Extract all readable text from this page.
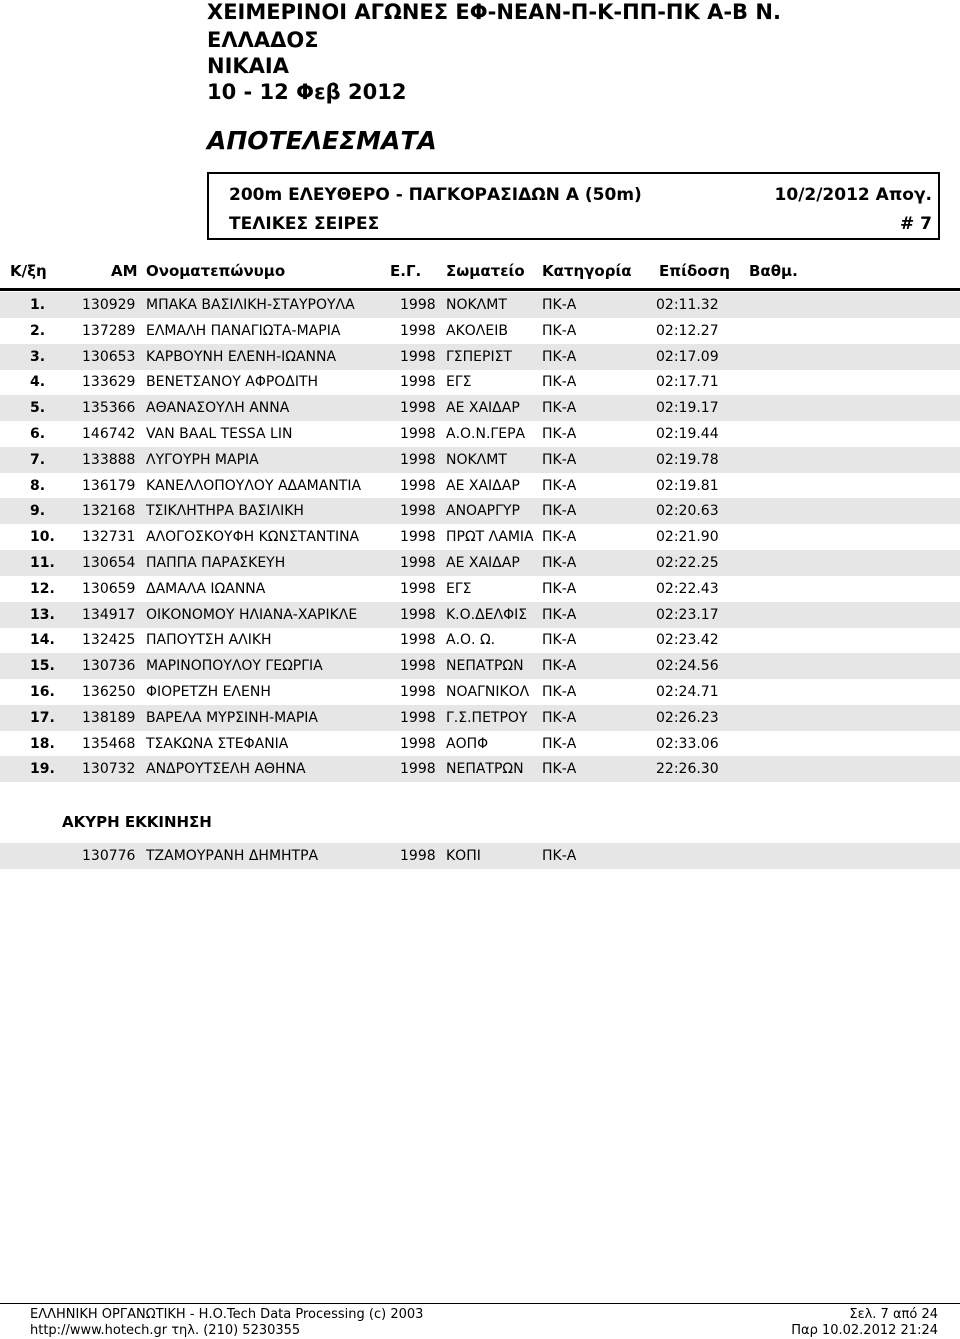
ΧΕΙΜΕΡΙΝΟΙ ΑΓΩΝΕΣ ΕΦ-ΝΕΑΝ-Π-Κ-ΠΠ-ΠΚ Α-Β Ν.
ΕΛΛΑΔΟΣ
ΝΙΚΑΙΑ
10 - 12 Φεβ 2012
ΑΠΟΤΕΛΕΣΜΑΤΑ
200m ΕΛΕΥΘΕΡΟ - ΠΑΓΚΟΡΑΣΙΔΩΝ Α (50m)	10/2/2012 Απογ.
ΤΕΛΙΚΕΣ ΣΕΙΡΕΣ	# 7
Κ/ξη	ΑΜ Ονοματεπώνυμο	Ε.Γ. Σωματείο Κατηγορία Επίδοση Βαθμ.
1.	130929 ΜΠΑΚΑ ΒΑΣΙΛΙΚΗ-ΣΤΑΥΡΟΥΛΑ	1998 ΝΟΚΛΜΤ	ΠΚ-Α	02:11.32
2.	137289 ΕΛΜΑΛΗ ΠΑΝΑΓΙΩΤΑ-ΜΑΡΙΑ	1998 ΑΚΟΛΕΙΒ ΠΚ-Α	02:12.27
3.	130653 ΚΑΡΒΟΥΝΗ ΕΛΕΝΗ-ΙΩΑΝΝΑ	1998 ΓΣΠΕΡΙΣΤ ΠΚ-Α	02:17.09
4.	133629 ΒΕΝΕΤΣΑΝΟΥ ΑΦΡΟΔΙΤΗ	1998 ΕΓΣ	ΠΚ-Α	02:17.71
5.	135366 ΑΘΑΝΑΣΟΥΛΗ ΑΝΝΑ	1998 ΑΕ ΧΑΙΔΑΡ ΠΚ-Α	02:19.17
6.	146742 VAN BAAL TESSA LIN	1998 Α.Ο.Ν.ΓΕΡΑ ΠΚ-Α	02:19.44
7.	133888 ΛΥΓΟΥΡΗ ΜΑΡΙΑ	1998 ΝΟΚΛΜΤ	ΠΚ-Α	02:19.78
8.	136179 ΚΑΝΕΛΛΟΠΟΥΛΟΥ ΑΔΑΜΑΝΤΙΑ	1998 ΑΕ ΧΑΙΔΑΡ ΠΚ-Α	02:19.81
9.	132168 ΤΣΙΚΛΗΤΗΡΑ ΒΑΣΙΛΙΚΗ	1998 ΑΝΟΑΡΓΥΡ ΠΚ-Α	02:20.63
10. 132731 ΑΛΟΓΟΣΚΟΥΦΗ ΚΩΝΣΤΑΝΤΙΝΑ	1998 ΠΡΩΤ ΛΑΜΙΑ ΠΚ-Α	02:21.90
11. 130654 ΠΑΠΠΑ ΠΑΡΑΣΚΕΥΗ	1998 ΑΕ ΧΑΙΔΑΡ ΠΚ-Α	02:22.25
12. 130659 ΔΑΜΑΛΑ ΙΩΑΝΝΑ	1998 ΕΓΣ	ΠΚ-Α	02:22.43
13. 134917 ΟΙΚΟΝΟΜΟΥ ΗΛΙΑΝΑ-ΧΑΡΙΚΛΕ	1998 Κ.Ο.ΔΕΛΦΙΣ ΠΚ-Α	02:23.17
14. 132425 ΠΑΠΟΥΤΣΗ ΑΛΙΚΗ	1998 Α.Ο. Ω.	ΠΚ-Α	02:23.42
15. 130736 ΜΑΡΙΝΟΠΟΥΛΟΥ ΓΕΩΡΓΙΑ	1998 ΝΕΠΑΤΡΩΝ ΠΚ-Α	02:24.56
16. 136250 ΦΙΟΡΕΤΖΗ ΕΛΕΝΗ	1998 ΝΟΑΓΝΙΚΟΛ ΠΚ-Α	02:24.71
17. 138189 ΒΑΡΕΛΑ ΜΥΡΣΙΝΗ-ΜΑΡΙΑ	1998 Γ.Σ.ΠΕΤΡΟΥ ΠΚ-Α	02:26.23
18. 135468 ΤΣΑΚΩΝΑ ΣΤΕΦΑΝΙΑ	1998 ΑΟΠΦ	ΠΚ-Α	02:33.06
19. 130732 ΑΝΔΡΟΥΤΣΕΛΗ ΑΘΗΝΑ	1998 ΝΕΠΑΤΡΩΝ ΠΚ-Α	22:26.30
ΑΚΥΡΗ ΕΚΚΙΝΗΣΗ
130776 ΤΖΑΜΟΥΡΑΝΗ ΔΗΜΗΤΡΑ	1998 ΚΟΠΙ	ΠΚ-Α
ΕΛΛΗΝΙΚΗ ΟΡΓΑΝΩΤΙΚΗ - Η.Ο.Tech Data Processing (c) 2003
http://www.hotech.gr τηλ. (210) 5230355
Σελ. 7 από 24
Παρ 10.02.2012 21:24
